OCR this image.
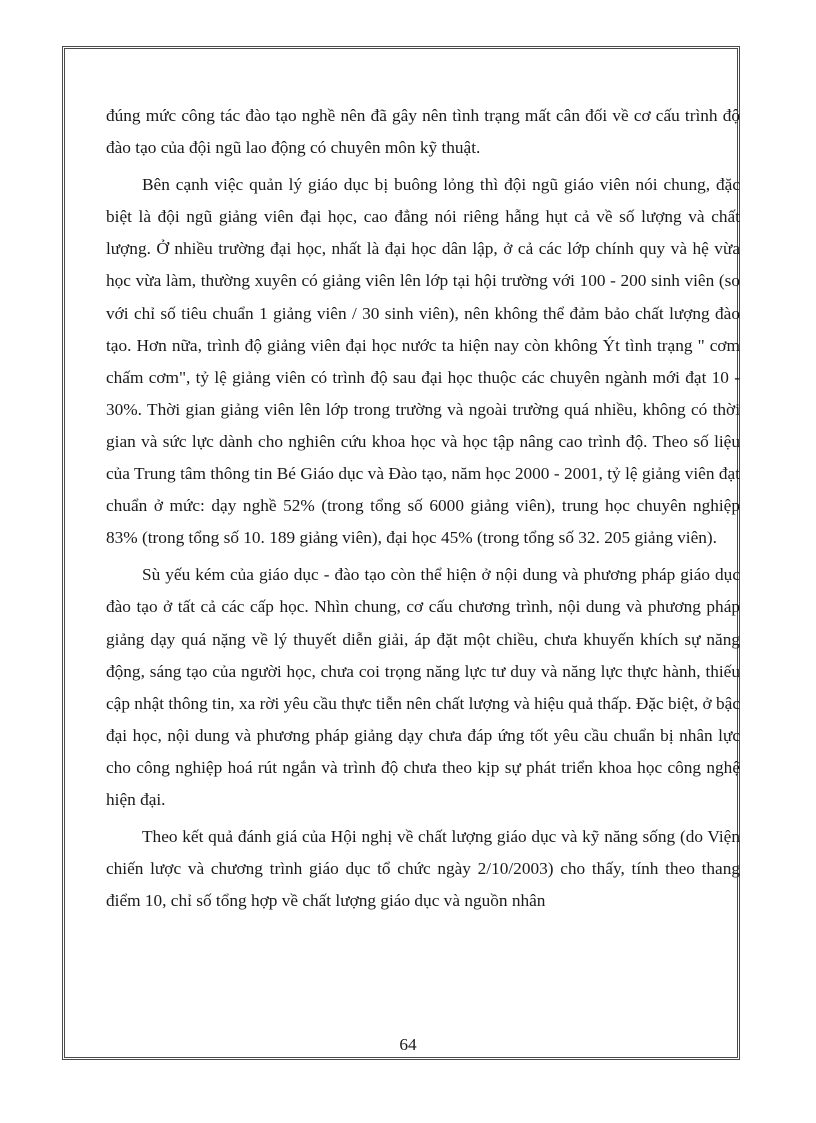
đúng mức công tác đào tạo nghề nên đã gây nên tình trạng mất cân đối về cơ cấu trình độ đào tạo của đội ngũ lao động có chuyên môn kỹ thuật.

Bên cạnh việc quản lý giáo dục bị buông lỏng thì đội ngũ giáo viên nói chung, đặc biệt là đội ngũ giảng viên đại học, cao đẳng nói riêng hẫng hụt cả về số lượng và chất lượng. Ở nhiều trường đại học, nhất là đại học dân lập, ở cả các lớp chính quy và hệ vừa học vừa làm, thường xuyên có giảng viên lên lớp tại hội trường với 100 - 200 sinh viên (so với chỉ số tiêu chuẩn 1 giảng viên / 30 sinh viên), nên không thể đảm bảo chất lượng đào tạo. Hơn nữa, trình độ giảng viên đại học nước ta hiện nay còn không Ýt tình trạng " cơm chấm cơm", tỷ lệ giảng viên có trình độ sau đại học thuộc các chuyên ngành mới đạt 10 - 30%. Thời gian giảng viên lên lớp trong trường và ngoài trường quá nhiều, không có thời gian và sức lực dành cho nghiên cứu khoa học và học tập nâng cao trình độ. Theo số liệu của Trung tâm thông tin Bé Giáo dục và Đào tạo, năm học 2000 - 2001, tỷ lệ giảng viên đạt chuẩn ở mức: dạy nghề 52% (trong tổng số 6000 giảng viên), trung học chuyên nghiệp 83% (trong tổng số 10. 189 giảng viên), đại học 45% (trong tổng số 32. 205 giảng viên).

Sù yếu kém của giáo dục - đào tạo còn thể hiện ở nội dung và phương pháp giáo dục đào tạo ở tất cả các cấp học. Nhìn chung, cơ cấu chương trình, nội dung và phương pháp giảng dạy quá nặng về lý thuyết diễn giải, áp đặt một chiều, chưa khuyến khích sự năng động, sáng tạo của người học, chưa coi trọng năng lực tư duy và năng lực thực hành, thiếu cập nhật thông tin, xa rời yêu cầu thực tiễn nên chất lượng và hiệu quả thấp. Đặc biệt, ở bậc đại học, nội dung và phương pháp giảng dạy chưa đáp ứng tốt yêu cầu chuẩn bị nhân lực cho công nghiệp hoá rút ngắn và trình độ chưa theo kịp sự phát triển khoa học công nghệ hiện đại.

Theo kết quả đánh giá của Hội nghị về chất lượng giáo dục và kỹ năng sống (do Viện chiến lược và chương trình giáo dục tổ chức ngày 2/10/2003) cho thấy, tính theo thang điểm 10, chỉ số tổng hợp về chất lượng giáo dục và nguồn nhân

64
